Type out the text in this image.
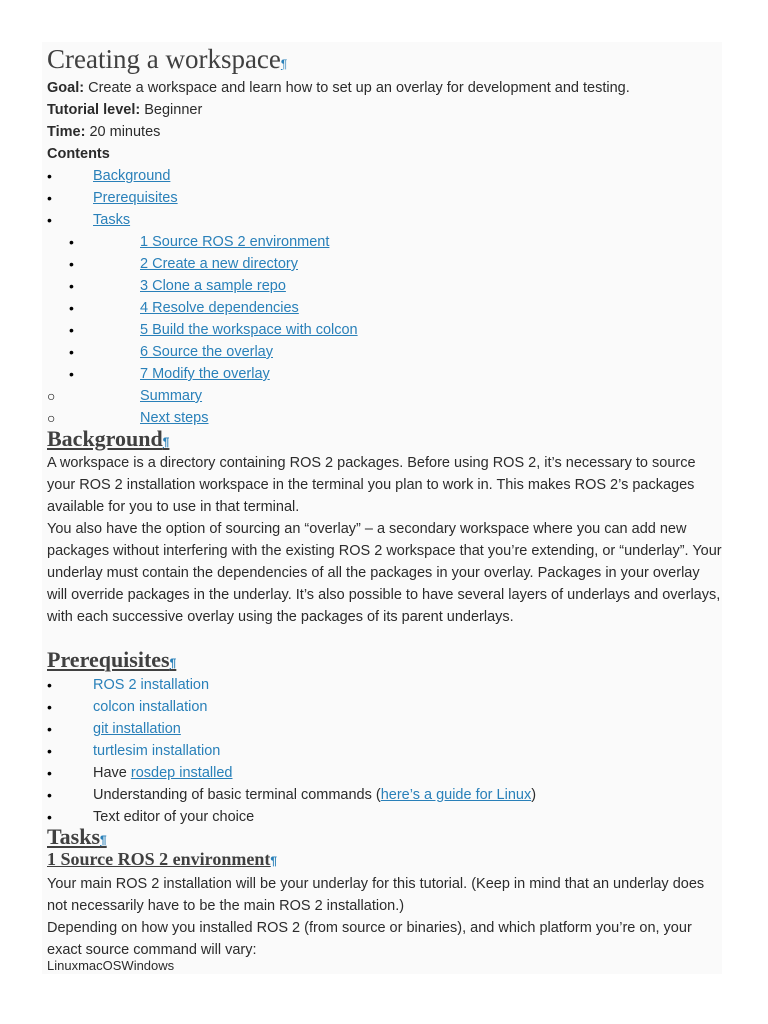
Creating a workspace¶
Goal: Create a workspace and learn how to set up an overlay for development and testing.
Tutorial level: Beginner
Time: 20 minutes
Contents
•	Background
•	Prerequisites
•	Tasks
•	1 Source ROS 2 environment
•	2 Create a new directory
•	3 Clone a sample repo
•	4 Resolve dependencies
•	5 Build the workspace with colcon
•	6 Source the overlay
•	7 Modify the overlay
○	Summary
○	Next steps
Background¶
A workspace is a directory containing ROS 2 packages. Before using ROS 2, it’s necessary to source your ROS 2 installation workspace in the terminal you plan to work in. This makes ROS 2’s packages available for you to use in that terminal.
You also have the option of sourcing an “overlay” – a secondary workspace where you can add new packages without interfering with the existing ROS 2 workspace that you’re extending, or “underlay”. Your underlay must contain the dependencies of all the packages in your overlay. Packages in your overlay will override packages in the underlay. It’s also possible to have several layers of underlays and overlays, with each successive overlay using the packages of its parent underlays.
Prerequisites¶
•	ROS 2 installation
•	colcon installation
•	git installation
•	turtlesim installation
•	Have rosdep installed
•	Understanding of basic terminal commands (here’s a guide for Linux)
•	Text editor of your choice
Tasks¶
1 Source ROS 2 environment¶
Your main ROS 2 installation will be your underlay for this tutorial. (Keep in mind that an underlay does not necessarily have to be the main ROS 2 installation.)
Depending on how you installed ROS 2 (from source or binaries), and which platform you’re on, your exact source command will vary:
LinuxmacOSWindows
